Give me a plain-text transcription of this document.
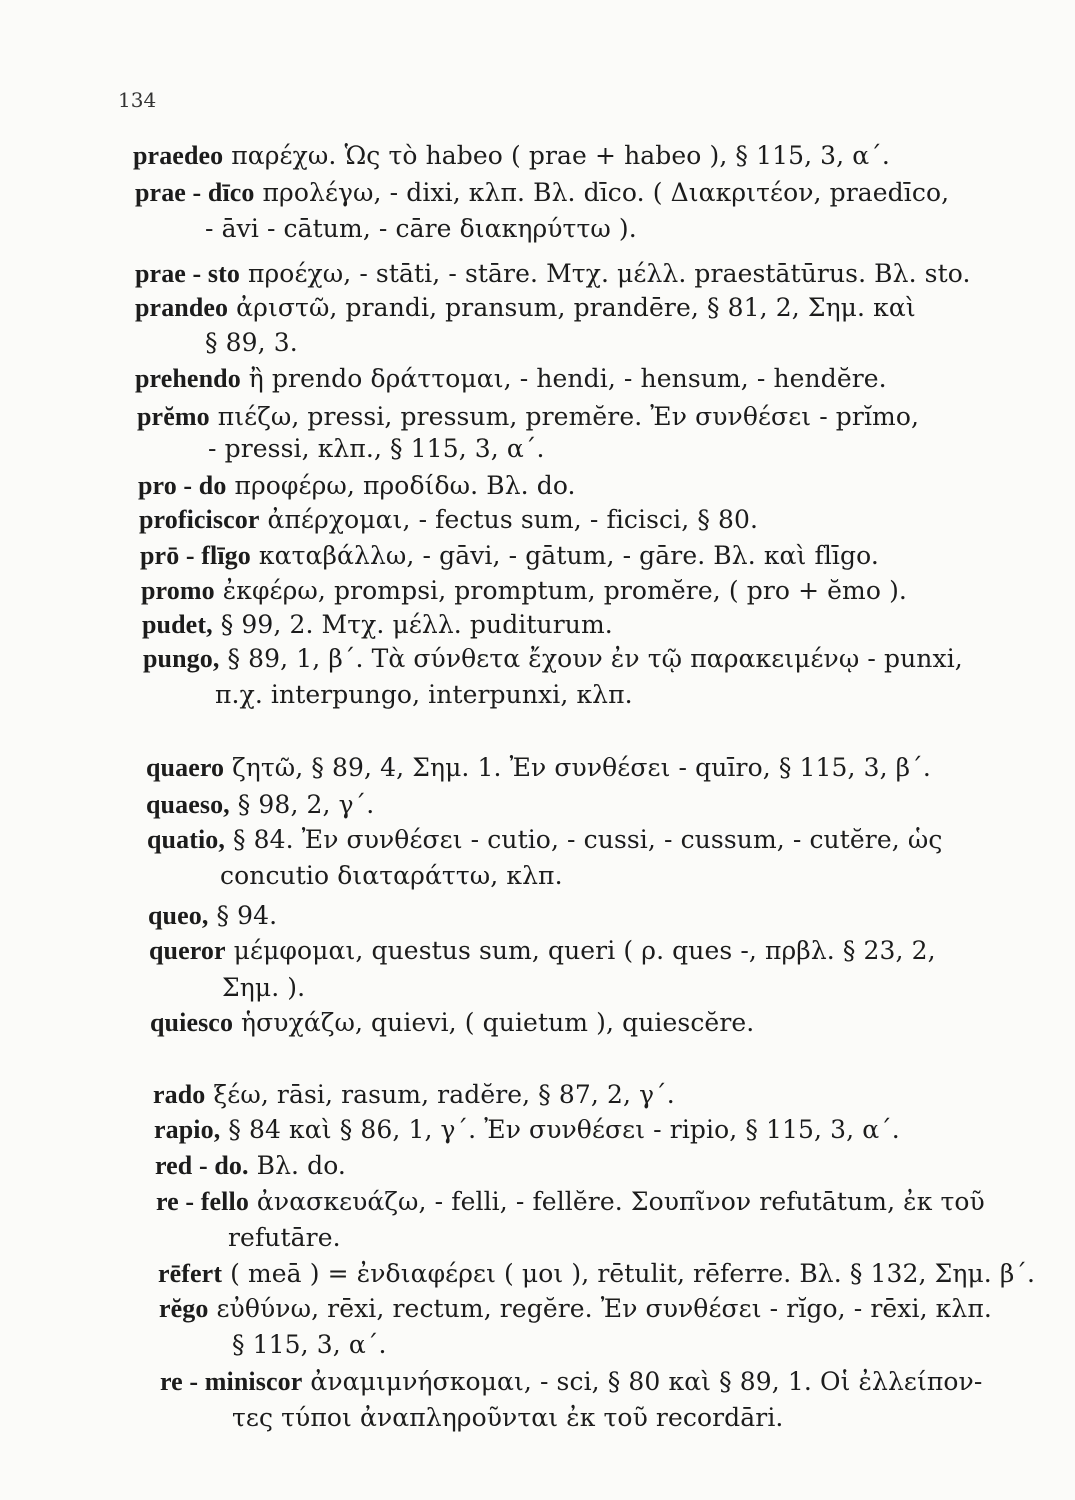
134
praedeo παρέχω. Ὡς τὸ habeo ( prae + habeo ), § 115, 3, α΄.
prae - dīco προλέγω, - dixi, κλπ. Βλ. dīco. ( Διακριτέον, praedīco,
- āvi - cātum, - cāre διακηρύττω ).
prae - sto προέχω, - stāti, - stāre. Μτχ. μέλλ. praestātūrus. Βλ. sto.
prandeo ἀριστῶ, prandi, pransum, prandēre, § 81, 2, Σημ. καὶ
§ 89, 3.
prehendo ἢ prendo δράττομαι, - hendi, - hensum, - hendĕre.
prĕmo πιέζω, pressi, pressum, premĕre. Ἐν συνθέσει - prĭmo,
- pressi, κλπ., § 115, 3, α΄.
pro - do προφέρω, προδίδω. Βλ. do.
proficiscor ἀπέρχομαι, - fectus sum, - ficisci, § 80.
prō - flīgo καταβάλλω, - gāvi, - gātum, - gāre. Βλ. καὶ flīgo.
promo ἐκφέρω, prompsi, promptum, promĕre, ( pro + ĕmo ).
pudet, § 99, 2. Μτχ. μέλλ. puditurum.
pungo, § 89, 1, β΄. Τὰ σύνθετα ἔχουν ἐν τῷ παρακειμένῳ - punxi,
π.χ. interpungo, interpunxi, κλπ.
quaero ζητῶ, § 89, 4, Σημ. 1. Ἐν συνθέσει - quīro, § 115, 3, β΄.
quaeso, § 98, 2, γ΄.
quatio, § 84. Ἐν συνθέσει - cutio, - cussi, - cussum, - cutĕre, ὡς
concutio διαταράττω, κλπ.
queo, § 94.
queror μέμφομαι, questus sum, queri ( ρ. ques -, πρβλ. § 23, 2,
Σημ. ).
quiesco ἡσυχάζω, quievi, ( quietum ), quiescĕre.
rado ξέω, rāsi, rasum, radĕre, § 87, 2, γ΄.
rapio, § 84 καὶ § 86, 1, γ΄. Ἐν συνθέσει - ripio, § 115, 3, α΄.
red - do. Βλ. do.
re - fello ἀνασκευάζω, - felli, - fellĕre. Σουπῖνον refutātum, ἐκ τοῦ
refutāre.
rēfert ( meā ) = ἐνδιαφέρει ( μοι ), rētulit, rēferre. Βλ. § 132, Σημ. β΄.
rĕgo εὐθύνω, rēxi, rectum, regĕre. Ἐν συνθέσει - rĭgo, - rēxi, κλπ.
§ 115, 3, α΄.
re - miniscor ἀναμιμνήσκομαι, - sci, § 80 καὶ § 89, 1. Οἱ ἐλλείπον-
τες τύποι ἀναπληροῦνται ἐκ τοῦ recordāri.
